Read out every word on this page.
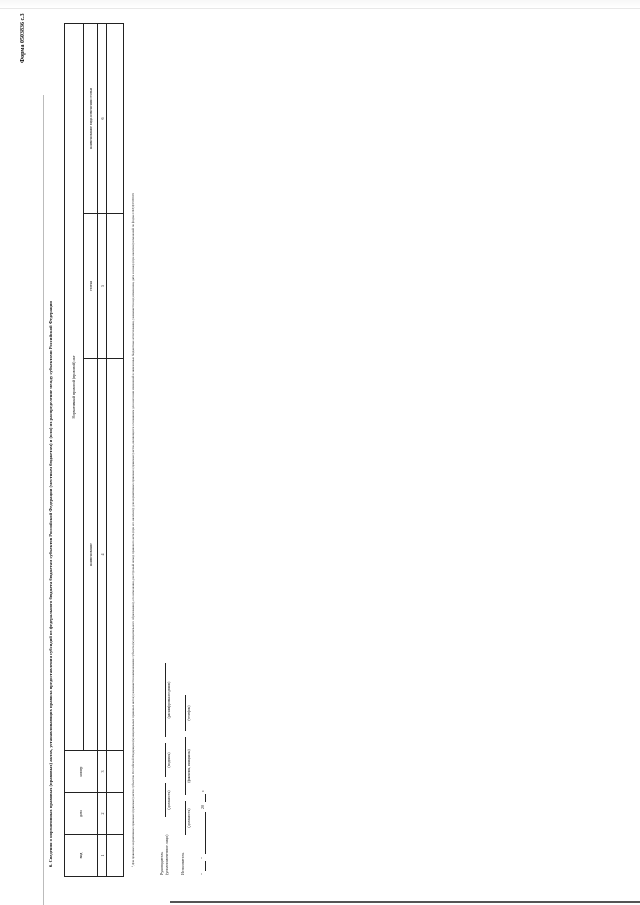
Форма 0503836 с.3
6. Сведения о нормативных правовых (правовых) актах, устанавливающих правила предоставления субсидий из федерального бюджета бюджетам субъектов Российской Федерации (местным бюджетам) и (или) их распределение между субъектами Российской Федерации	вид	дата	номер	Нормативный правовой (правовой) акт		
			наименование	статья	наименование вида изменения статьи
1	2	3	4	5	6

¹ Для правовых нормативных правовых (правовых) актов субъектов Российской Федерации (муниципальных правовых актов) указывается наименование субъекта (муниципального образования), его изменения, реестровый номер правового акта (при его наличии); для нормативных правовых (правовых) актов, являющихся основанием для внесения изменений в заявленные бюджетные ассигнования, указывается вид изменения, дата и номер (при наличии) изменений по форме ОКУД 0505019	Руководитель (уполномоченное лицо)
(должность)
(подпись)
(расшифровка подписи)
Исполнитель
(должность)
(фамилия, инициалы)
(телефон)
"
"
20
г.
